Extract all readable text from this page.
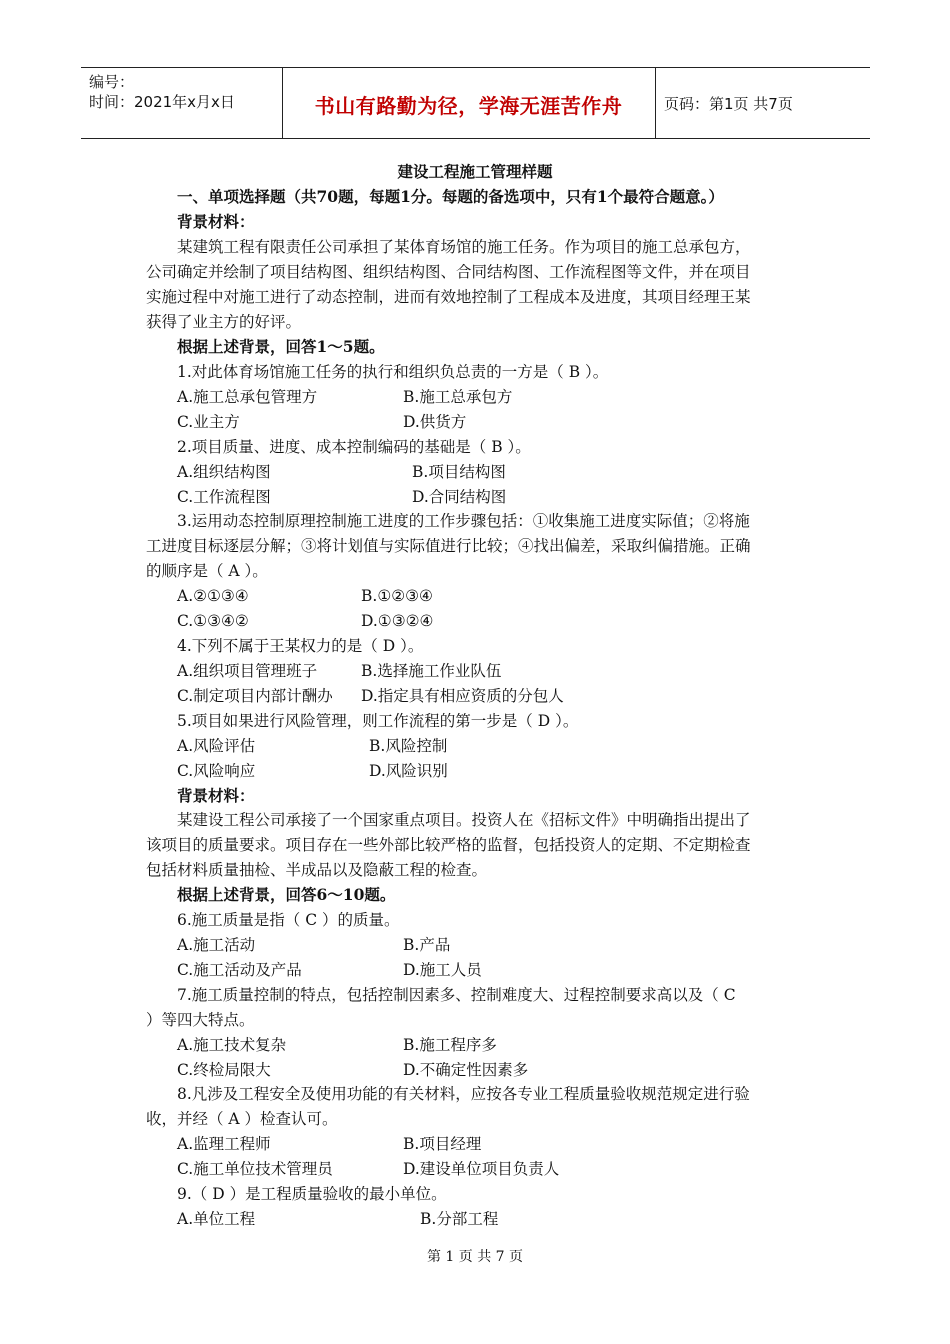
编号：
时间：2021年x月x日	书山有路勤为径，学海无涯苦作舟	页码：第1页 共7页
建设工程施工管理样题
一、单项选择题（共70题，每题1分。每题的备选项中，只有1个最符合题意。）
背景材料：
某建筑工程有限责任公司承担了某体育场馆的施工任务。作为项目的施工总承包方，
公司确定并绘制了项目结构图、组织结构图、合同结构图、工作流程图等文件，并在项目
实施过程中对施工进行了动态控制，进而有效地控制了工程成本及进度，其项目经理王某
获得了业主方的好评。
根据上述背景，回答1～5题。
1.对此体育场馆施工任务的执行和组织负总责的一方是（ B ）。
A.施工总承包管理方	B.施工总承包方
C.业主方	D.供货方
2.项目质量、进度、成本控制编码的基础是（ B ）。
A.组织结构图	B.项目结构图
C.工作流程图	D.合同结构图
3.运用动态控制原理控制施工进度的工作步骤包括：①收集施工进度实际值；②将施
工进度目标逐层分解；③将计划值与实际值进行比较；④找出偏差，采取纠偏措施。正确
的顺序是（ A ）。
A.②①③④	B.①②③④
C.①③④②	D.①③②④
4.下列不属于王某权力的是（ D ）。
A.组织项目管理班子	B.选择施工作业队伍
C.制定项目内部计酬办 D.指定具有相应资质的分包人
5.项目如果进行风险管理，则工作流程的第一步是（ D ）。
A.风险评估	B.风险控制
C.风险响应	D.风险识别
背景材料：
某建设工程公司承接了一个国家重点项目。投资人在《招标文件》中明确指出提出了
该项目的质量要求。项目存在一些外部比较严格的监督，包括投资人的定期、不定期检查
包括材料质量抽检、半成品以及隐蔽工程的检查。
根据上述背景，回答6～10题。
6.施工质量是指（ C ）的质量。
A.施工活动	B.产品
C.施工活动及产品	D.施工人员
7.施工质量控制的特点，包括控制因素多、控制难度大、过程控制要求高以及（ C
）等四大特点。
A.施工技术复杂	B.施工程序多
C.终检局限大	D.不确定性因素多
8.凡涉及工程安全及使用功能的有关材料，应按各专业工程质量验收规范规定进行验
收，并经（ A ）检查认可。
A.监理工程师	B.项目经理
C.施工单位技术管理员	D.建设单位项目负责人
9.（ D ）是工程质量验收的最小单位。
A.单位工程	B.分部工程
第 1 页 共 7 页
